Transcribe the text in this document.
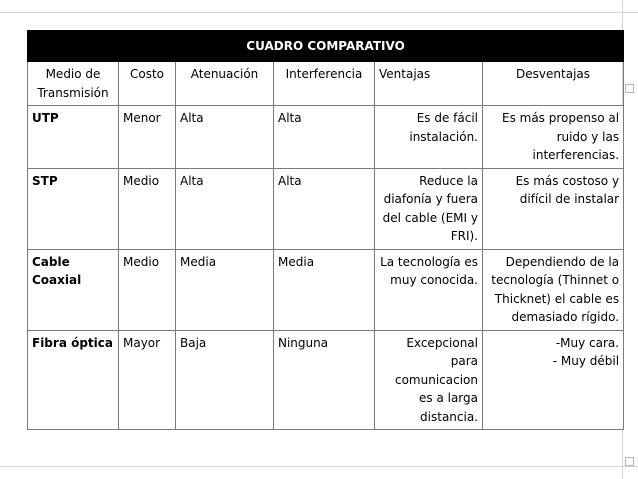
CUADRO COMPARATIVO					
Medio de Transmisión	Costo	Atenuación	Interferencia	Ventajas	Desventajas
UTP	Menor	Alta	Alta	Es de fácil instalación.	Es más propenso al ruido y las interferencias.
STP	Medio	Alta	Alta	Reduce la diafonía y fuera del cable (EMI y FRI).	Es más costoso y difícil de instalar
Cable Coaxial	Medio	Media	Media	La tecnología es muy conocida.	Dependiendo de la tecnología (Thinnet o Thicknet) el cable es demasiado rígido.
Fibra óptica	Mayor	Baja	Ninguna	Excepcional para comunicacion es a larga distancia.	-Muy cara.
- Muy débil
